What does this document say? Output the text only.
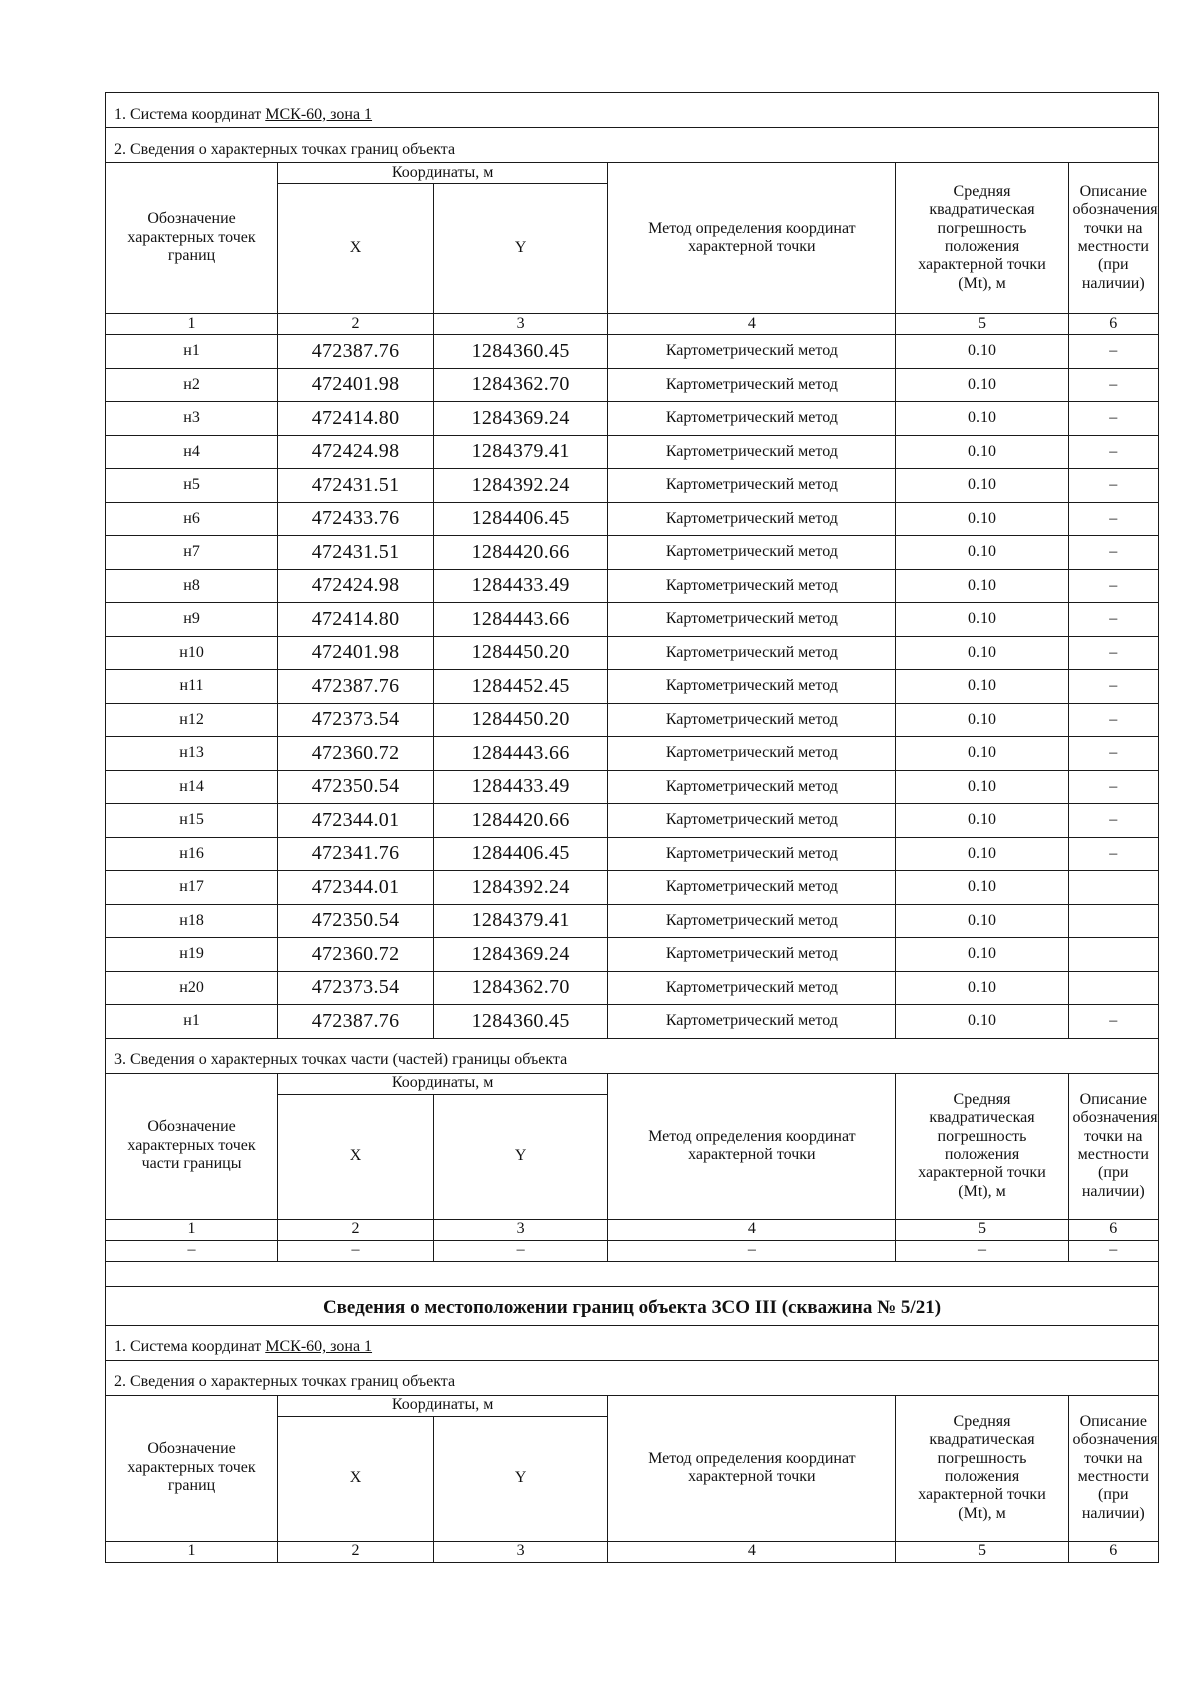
1. Система координат МСК-60, зона 1					
2. Сведения о характерных точках границ объекта					
Обозначение характерных точек границ	Координаты, м		Метод определения координат характерной точки	Средняя квадратическая погрешность положения характерной точки (Mt), м	Описание обозначения точки на местности (при наличии)
	X	Y			
1	2	3	4	5	6
н1	472387.76	1284360.45	Картометрический метод	0.10	–
н2	472401.98	1284362.70	Картометрический метод	0.10	–
н3	472414.80	1284369.24	Картометрический метод	0.10	–
н4	472424.98	1284379.41	Картометрический метод	0.10	–
н5	472431.51	1284392.24	Картометрический метод	0.10	–
н6	472433.76	1284406.45	Картометрический метод	0.10	–
н7	472431.51	1284420.66	Картометрический метод	0.10	–
н8	472424.98	1284433.49	Картометрический метод	0.10	–
н9	472414.80	1284443.66	Картометрический метод	0.10	–
н10	472401.98	1284450.20	Картометрический метод	0.10	–
н11	472387.76	1284452.45	Картометрический метод	0.10	–
н12	472373.54	1284450.20	Картометрический метод	0.10	–
н13	472360.72	1284443.66	Картометрический метод	0.10	–
н14	472350.54	1284433.49	Картометрический метод	0.10	–
н15	472344.01	1284420.66	Картометрический метод	0.10	–
н16	472341.76	1284406.45	Картометрический метод	0.10	–
н17	472344.01	1284392.24	Картометрический метод	0.10	
н18	472350.54	1284379.41	Картометрический метод	0.10	
н19	472360.72	1284369.24	Картометрический метод	0.10	
н20	472373.54	1284362.70	Картометрический метод	0.10	
н1	472387.76	1284360.45	Картометрический метод	0.10	–
3. Сведения о характерных точках части (частей) границы объекта					
Обозначение характерных точек части границы	Координаты, м		Метод определения координат характерной точки	Средняя квадратическая погрешность положения характерной точки (Mt), м	Описание обозначения точки на местности (при наличии)
	X	Y			
1	2	3	4	5	6
–	–	–	–	–	–

Сведения о местоположении границ объекта ЗСО III (скважина № 5/21)					
1. Система координат МСК-60, зона 1					
2. Сведения о характерных точках границ объекта					
Обозначение характерных точек границ	Координаты, м		Метод определения координат характерной точки	Средняя квадратическая погрешность положения характерной точки (Mt), м	Описание обозначения точки на местности (при наличии)
	X	Y			
1	2	3	4	5	6
